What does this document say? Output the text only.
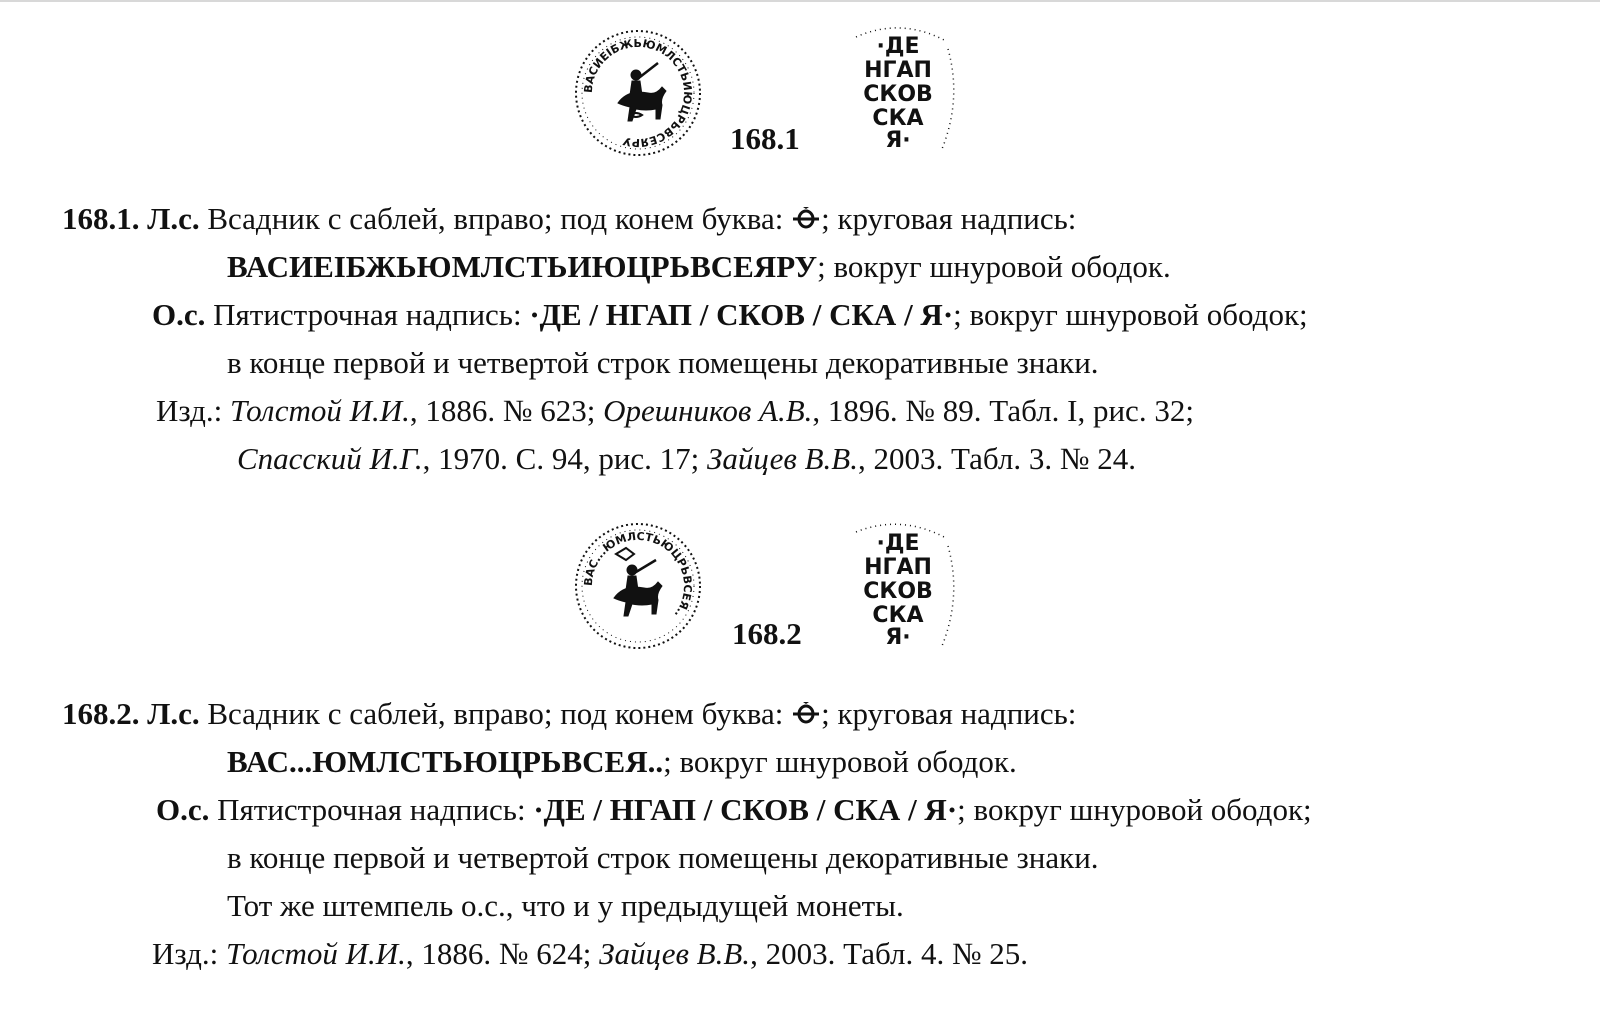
ВАСИЕIБЖЬЮМЛСТЬИЮЦРЬВСЕЯРУ	168.1
·ДЕ
НГАП
СКОВ
СКА
Я·
168.1. Л.с. Всадник с саблей, вправо; под конем буква: ; круговая надпись:
ВАСИЕIБЖЬЮМЛСТЬИЮЦРЬВСЕЯРУ; вокруг шнуровой ободок.
О.с. Пятистрочная надпись: ·ДЕ / НГАП / СКОВ / СКА / Я·; вокруг шнуровой ободок;
в конце первой и четвертой строк помещены декоративные знаки.
Изд.: Толстой И.И., 1886. № 623; Орешников А.В., 1896. № 89. Табл. I, рис. 32;
Спасский И.Г., 1970. С. 94, рис. 17; Зайцев В.В., 2003. Табл. 3. № 24.
ВАС...ЮМЛСТЬЮЦРЬВСЕЯ..
168.2
·ДЕ
НГАП
СКОВ
СКА
Я·
168.2. Л.с. Всадник с саблей, вправо; под конем буква: ; круговая надпись:
ВАС...ЮМЛСТЬЮЦРЬВСЕЯ..; вокруг шнуровой ободок.
О.с. Пятистрочная надпись: ·ДЕ / НГАП / СКОВ / СКА / Я·; вокруг шнуровой ободок;
в конце первой и четвертой строк помещены декоративные знаки.
Тот же штемпель о.с., что и у предыдущей монеты.
Изд.: Толстой И.И., 1886. № 624; Зайцев В.В., 2003. Табл. 4. № 25.
